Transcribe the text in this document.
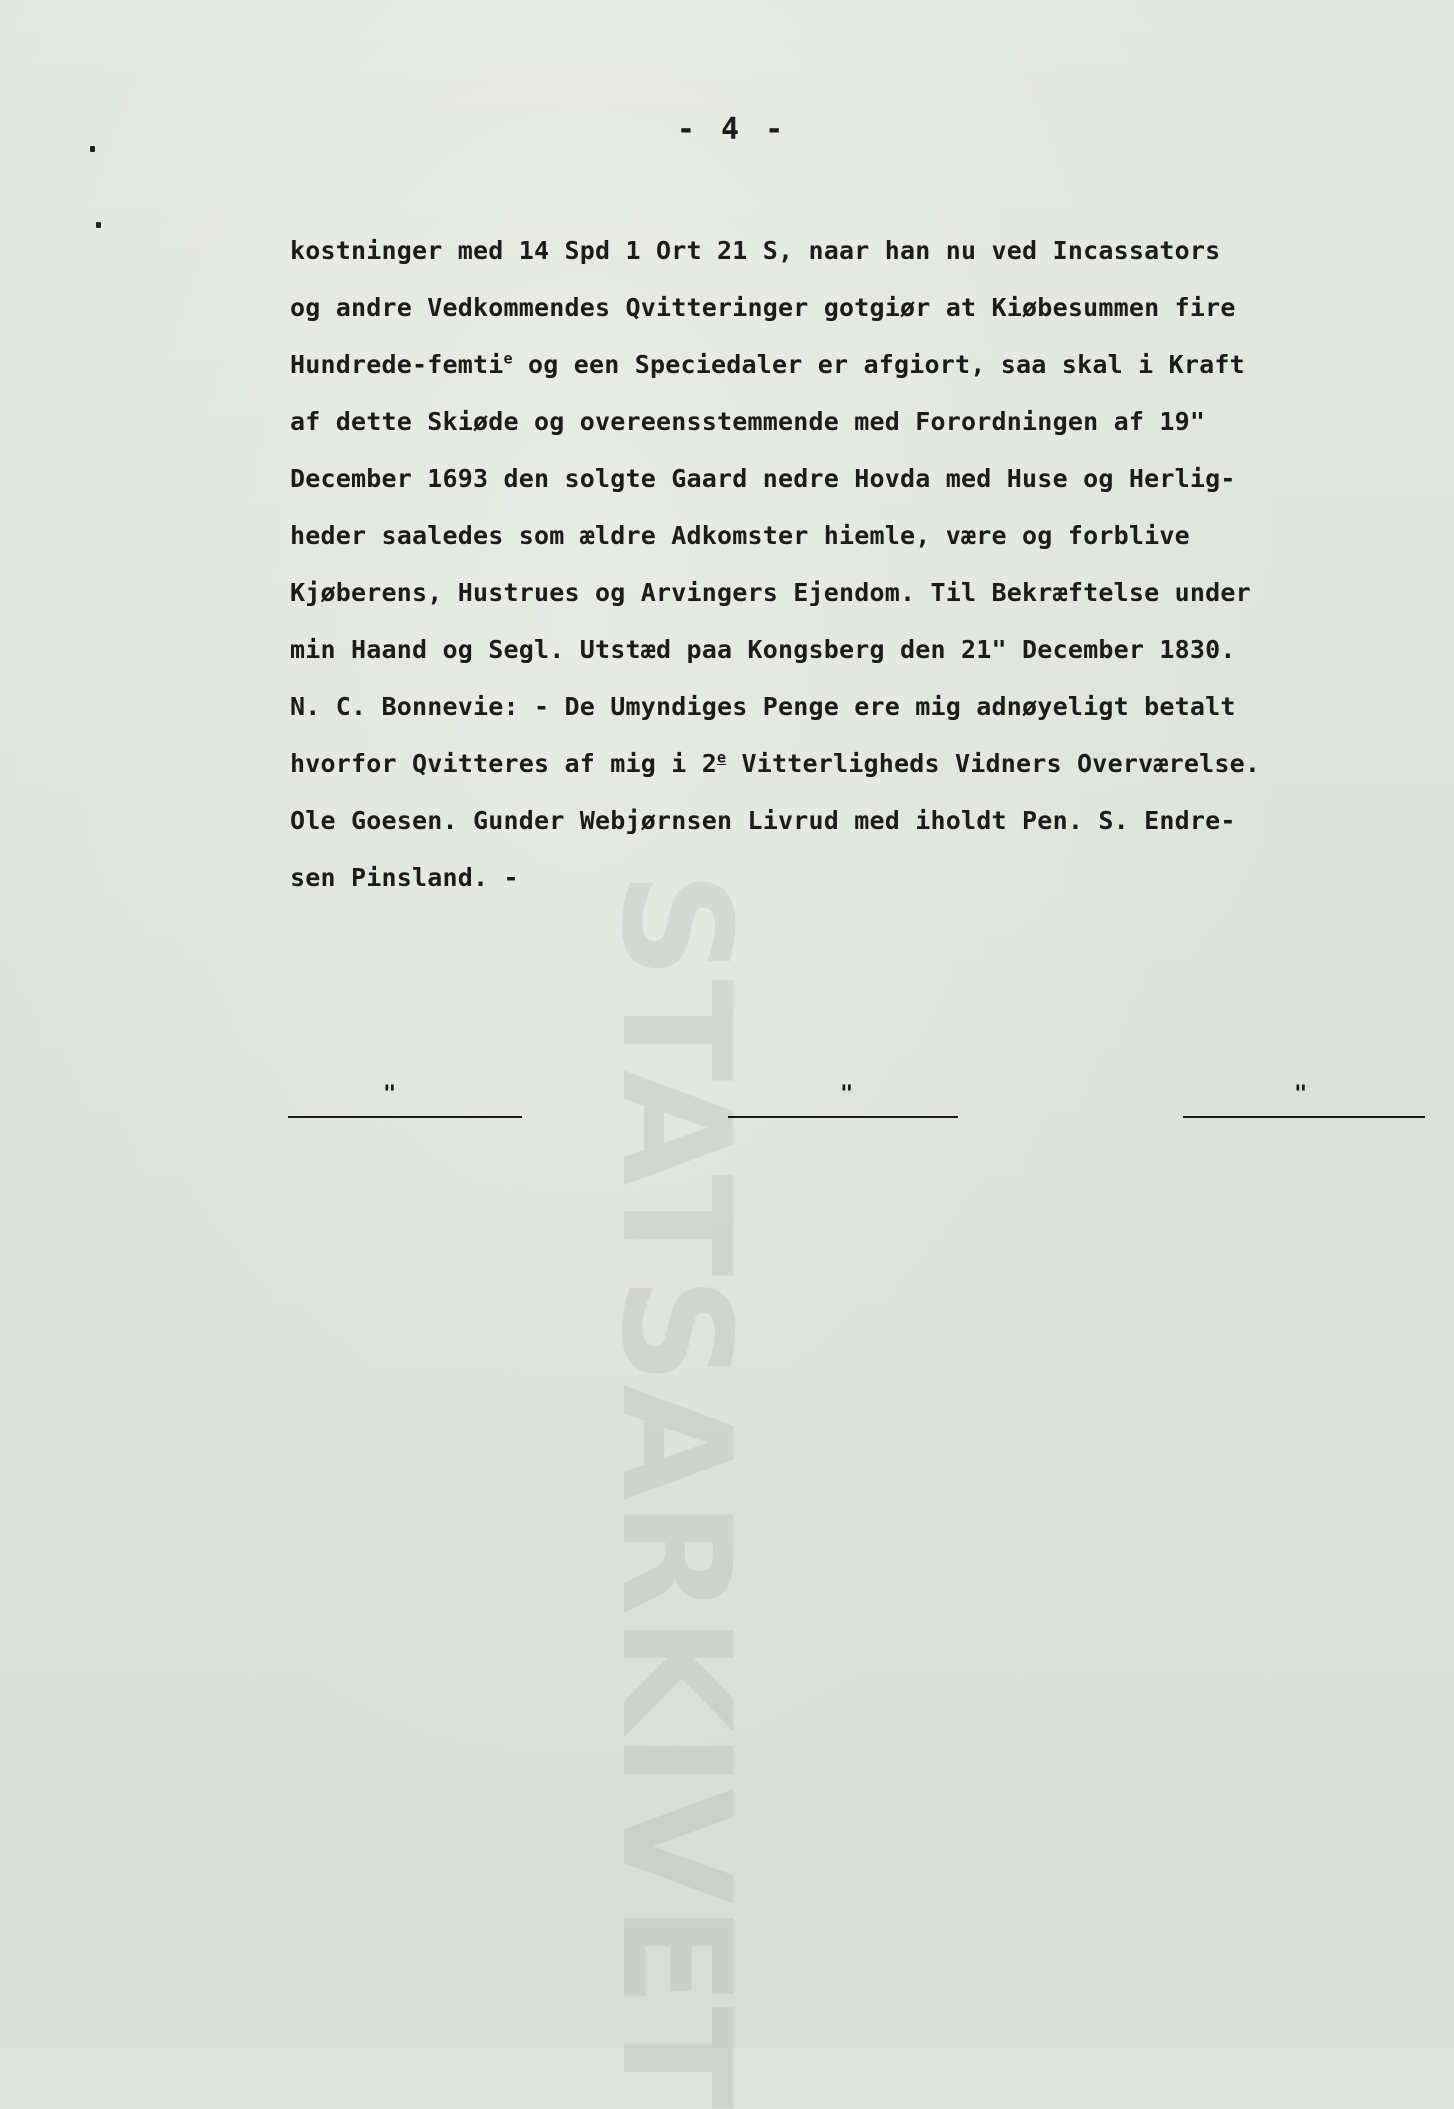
- 4 -
kostninger med 14 Spd 1 Ort 21 S, naar han nu ved Incassators
og andre Vedkommendes Qvitteringer gotgiør at Kiøbesummen fire
Hundrede-femti$^e$ og een Speciedaler er afgiort, saa skal i Kraft
af dette Skiøde og overeensstemmende med Forordningen af 19"
December 1693 den solgte Gaard nedre Hovda med Huse og Herlig-
heder saaledes som ældre Adkomster hiemle, være og forblive
Kjøberens, Hustrues og Arvingers Ejendom. Til Bekræftelse under
min Haand og Segl. Utstæd paa Kongsberg den 21" December 1830.
N. C. Bonnevie: - De Umyndiges Penge ere mig adnøyeligt betalt
hvorfor Qvitteres af mig i 2e Vitterligheds Vidners Overværelse.
Ole Goesen. Gunder Webjørnsen Livrud med iholdt Pen. S. Endre-
sen Pinsland. -
"	"	"
STATSARKIVET
